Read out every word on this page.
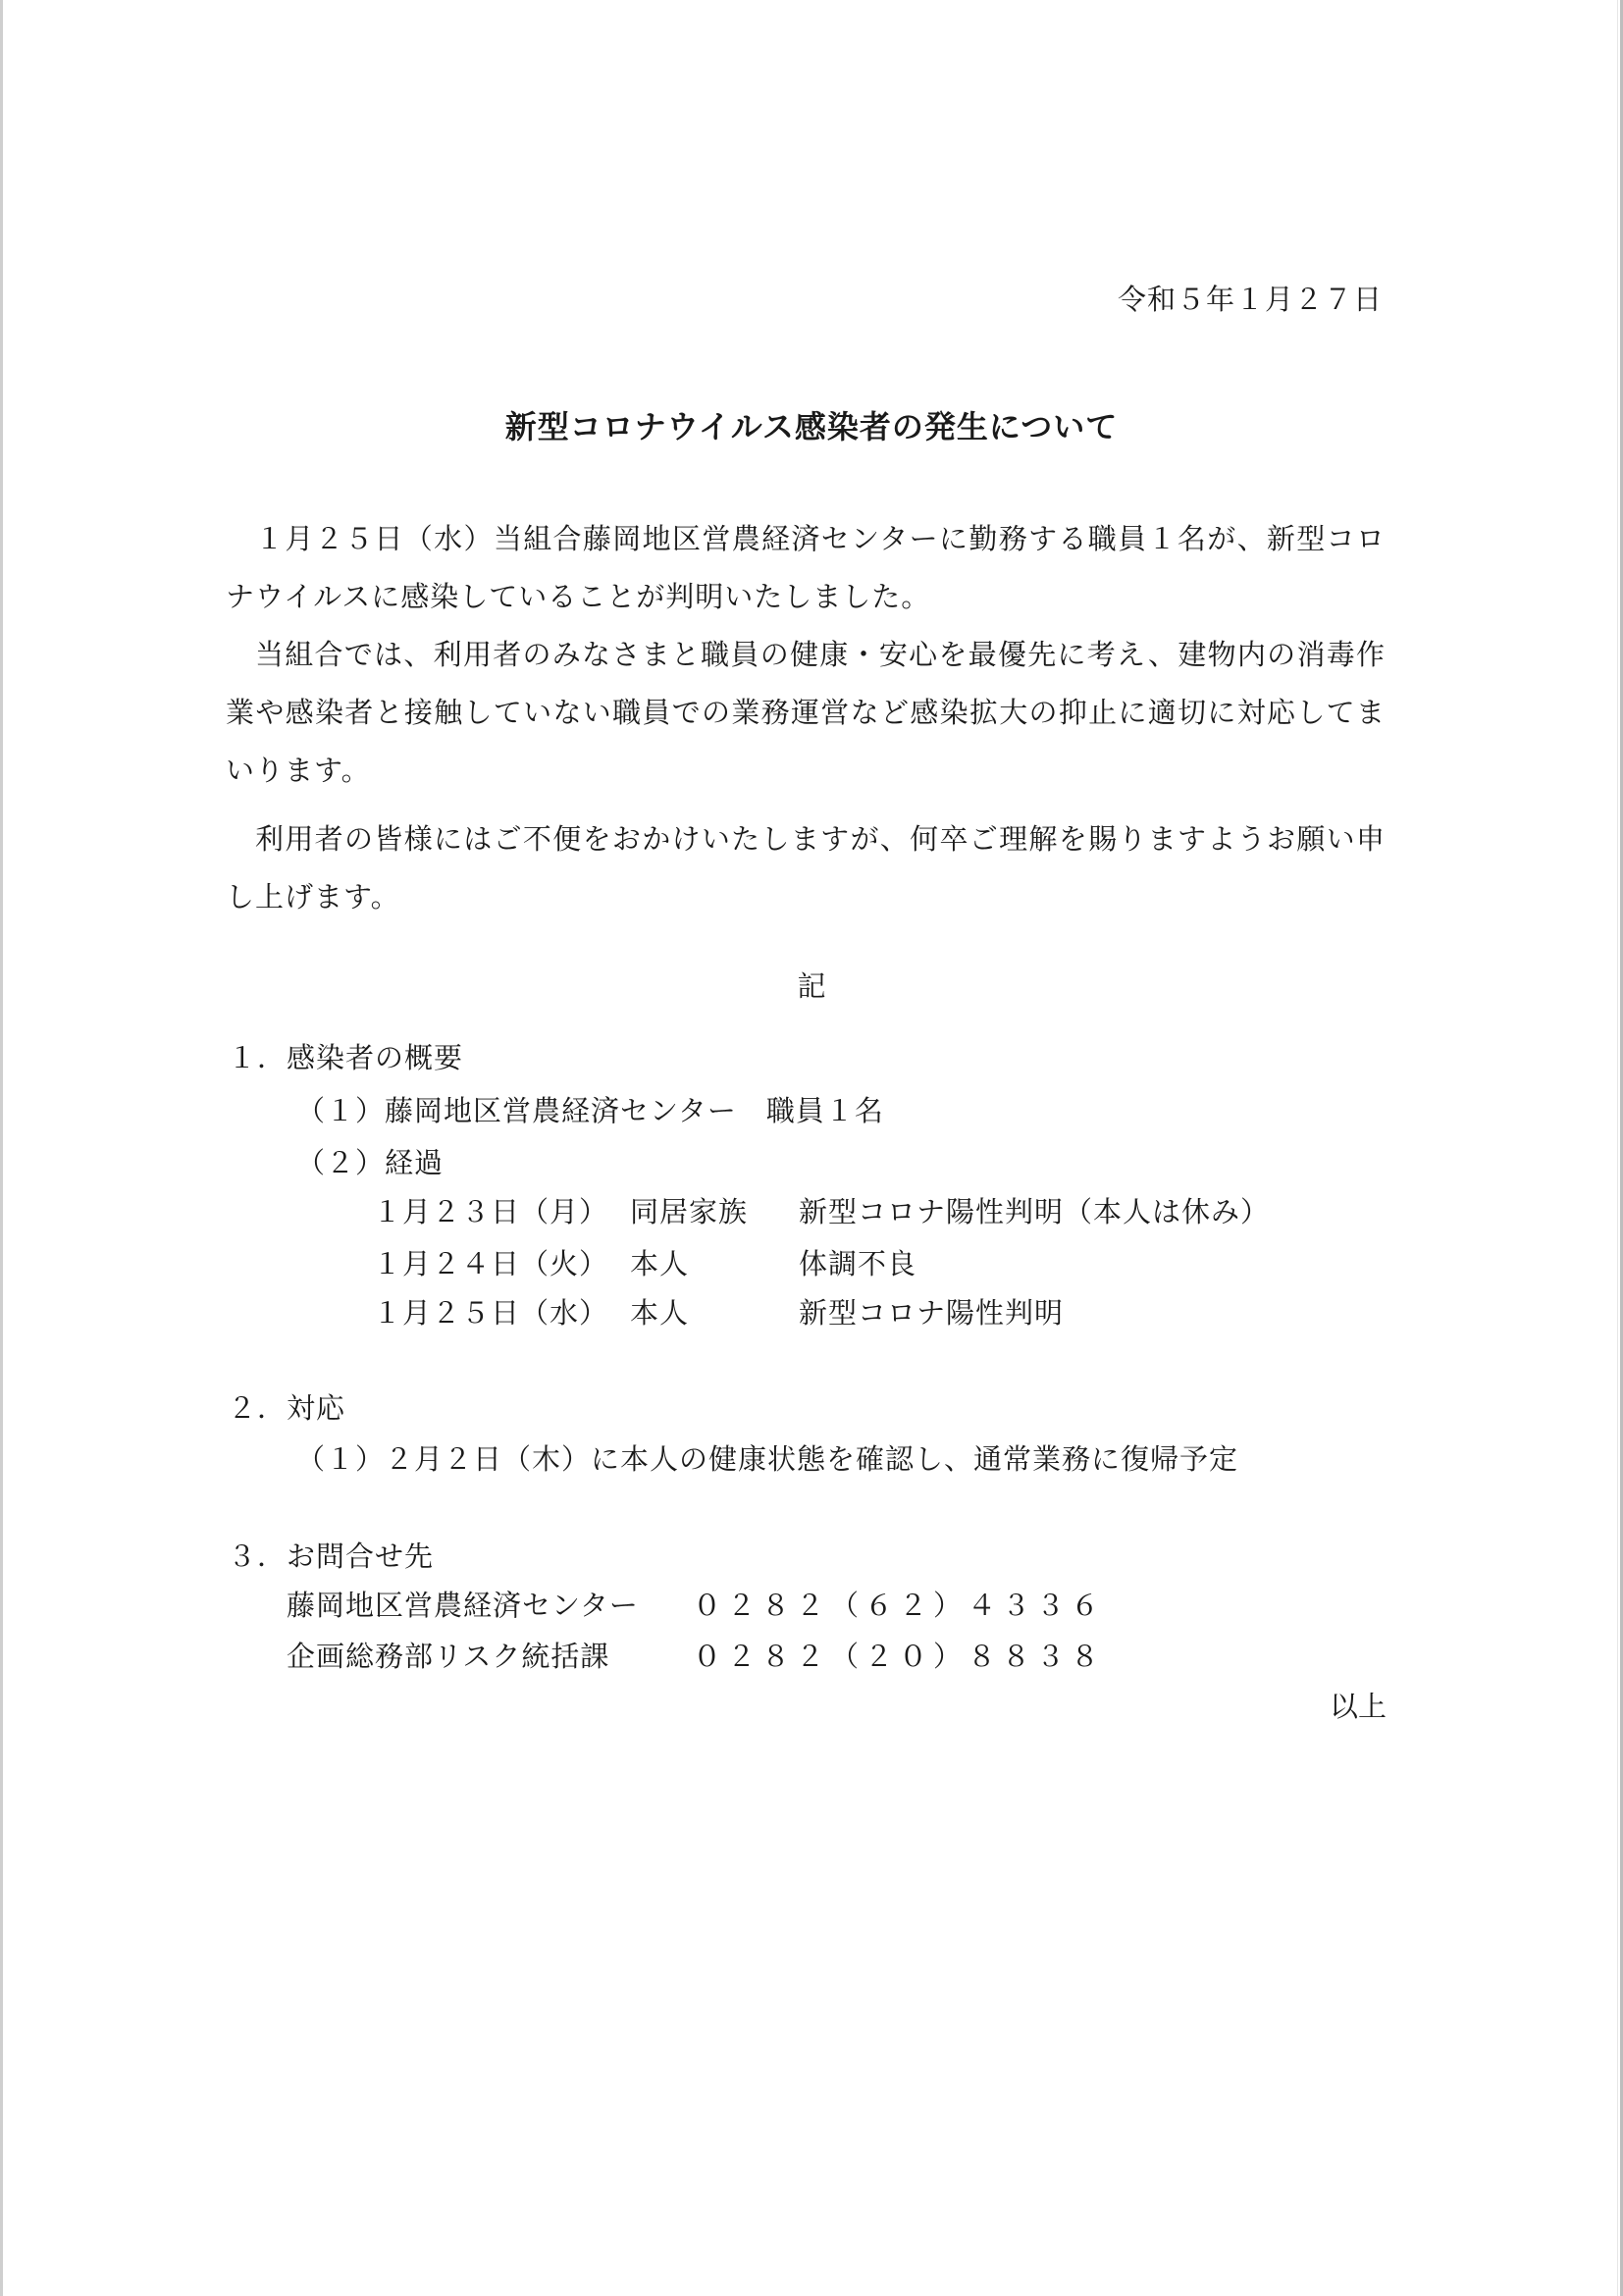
令和５年１月２７日
新型コロナウイルス感染者の発生について

１月２５日（水）当組合藤岡地区営農経済センターに勤務する職員１名が、新型コロナウイルスに感染していることが判明いたしました。

当組合では、利用者のみなさまと職員の健康・安心を最優先に考え、建物内の消毒作業や感染者と接触していない職員での業務運営など感染拡大の抑止に適切に対応してまいります。

利用者の皆様にはご不便をおかけいたしますが、何卒ご理解を賜りますようお願い申し上げます。

記
１．感染者の概要
（１）藤岡地区営農経済センター　職員１名
（２）経過
１月２３日（月） 同居家族 新型コロナ陽性判明（本人は休み）
１月２４日（火） 本人	体調不良
１月２５日（水） 本人	新型コロナ陽性判明
２．対応
（１）２月２日（木）に本人の健康状態を確認し、通常業務に復帰予定
３．お問合せ先
藤岡地区営農経済センター ０２８２（６２）４３３６
企画総務部リスク統括課	０２８２（２０）８８３８
以上
